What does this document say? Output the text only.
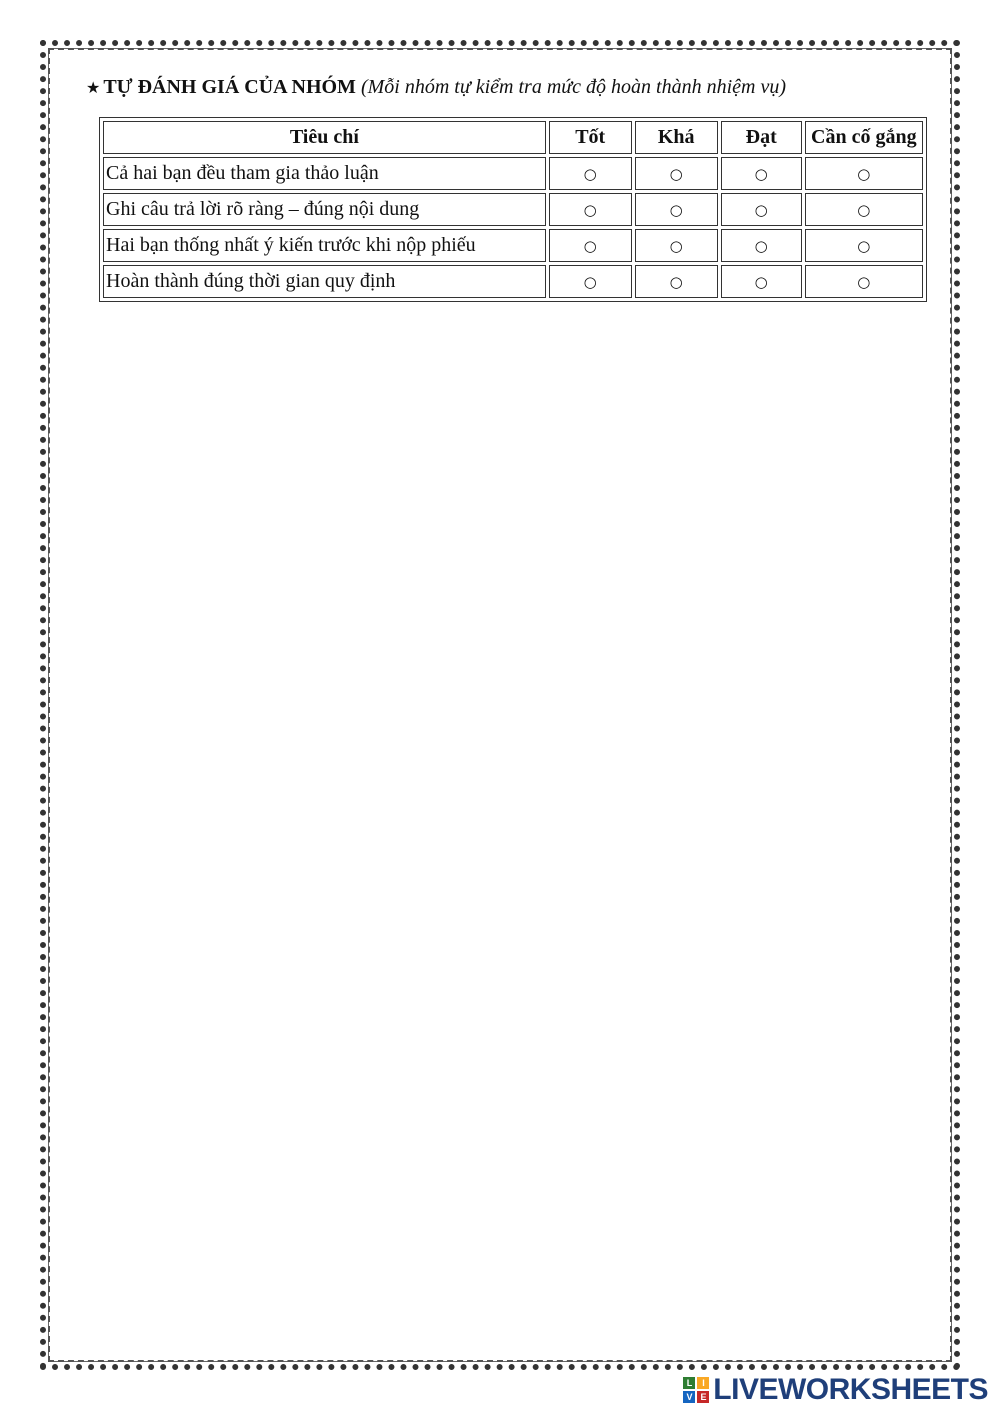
★ TỰ ĐÁNH GIÁ CỦA NHÓM (Mỗi nhóm tự kiểm tra mức độ hoàn thành nhiệm vụ)
Tiêu chí	Tốt	Khá	Đạt	Cần cố gắng
Cả hai bạn đều tham gia thảo luận	○	○	○	○
Ghi câu trả lời rõ ràng – đúng nội dung	○	○	○	○
Hai bạn thống nhất ý kiến trước khi nộp phiếu	○	○	○	○
Hoàn thành đúng thời gian quy định	○	○	○	○
L	I
V E LIVEWORKSHEETS
